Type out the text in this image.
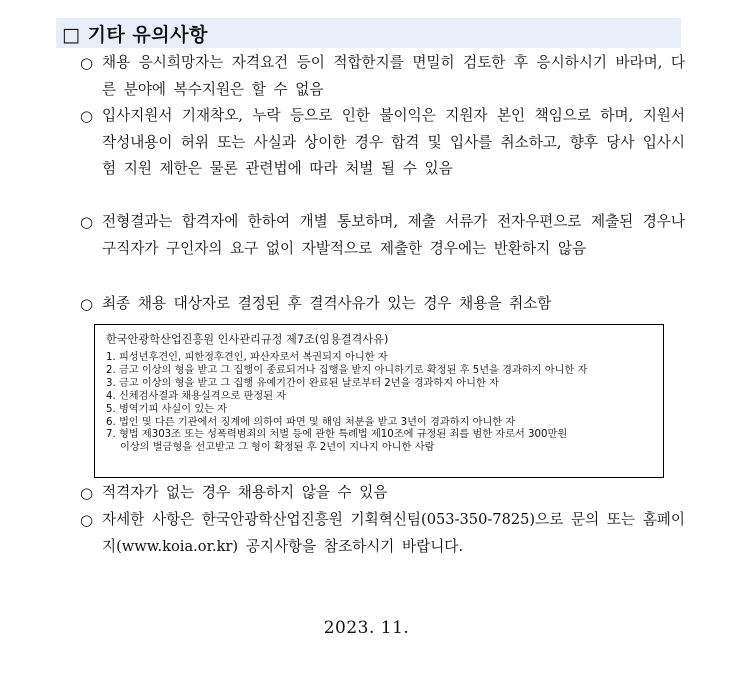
□ 기타 유의사항
○ 채용 응시희망자는 자격요건 등이 적합한지를 면밀히 검토한 후 응시하시기 바라며, 다른 분야에 복수지원은 할 수 없음
○ 입사지원서 기재착오, 누락 등으로 인한 불이익은 지원자 본인 책임으로 하며, 지원서 작성내용이 허위 또는 사실과 상이한 경우 합격 및 입사를 취소하고, 향후 당사 입사시험 지원 제한은 물론 관련법에 따라 처벌 될 수 있음
○ 전형결과는 합격자에 한하여 개별 통보하며, 제출 서류가 전자우편으로 제출된 경우나 구직자가 구인자의 요구 없이 자발적으로 제출한 경우에는 반환하지 않음
○ 최종 채용 대상자로 결정된 후 결격사유가 있는 경우 채용을 취소함
한국안광학산업진흥원 인사관리규정 제7조(임용결격사유)
1. 피성년후견인, 피한정후견인, 파산자로서 복권되지 아니한 자
2. 금고 이상의 형을 받고 그 집행이 종료되거나 집행을 받지 아니하기로 확정된 후 5년을 경과하지 아니한 자
3. 금고 이상의 형을 받고 그 집행 유예기간이 완료된 날로부터 2년을 경과하지 아니한 자
4. 신체검사결과 채용실격으로 판정된 자
5. 병역기피 사실이 있는 자
6. 법인 및 다른 기관에서 징계에 의하여 파면 및 해임 처분을 받고 3년이 경과하지 아니한 자
7. 형법 제303조 또는 성폭력범죄의 처벌 등에 관한 특례법 제10조에 규정된 죄를 범한 자로서 300만원
이상의 벌금형을 선고받고 그 형이 확정된 후 2년이 지나지 아니한 사람
○ 적격자가 없는 경우 채용하지 않을 수 있음
○ 자세한 사항은 한국안광학산업진흥원 기획혁신팀(053-350-7825)으로 문의 또는 홈페이지(www.koia.or.kr) 공지사항을 참조하시기 바랍니다.
2023. 11.
